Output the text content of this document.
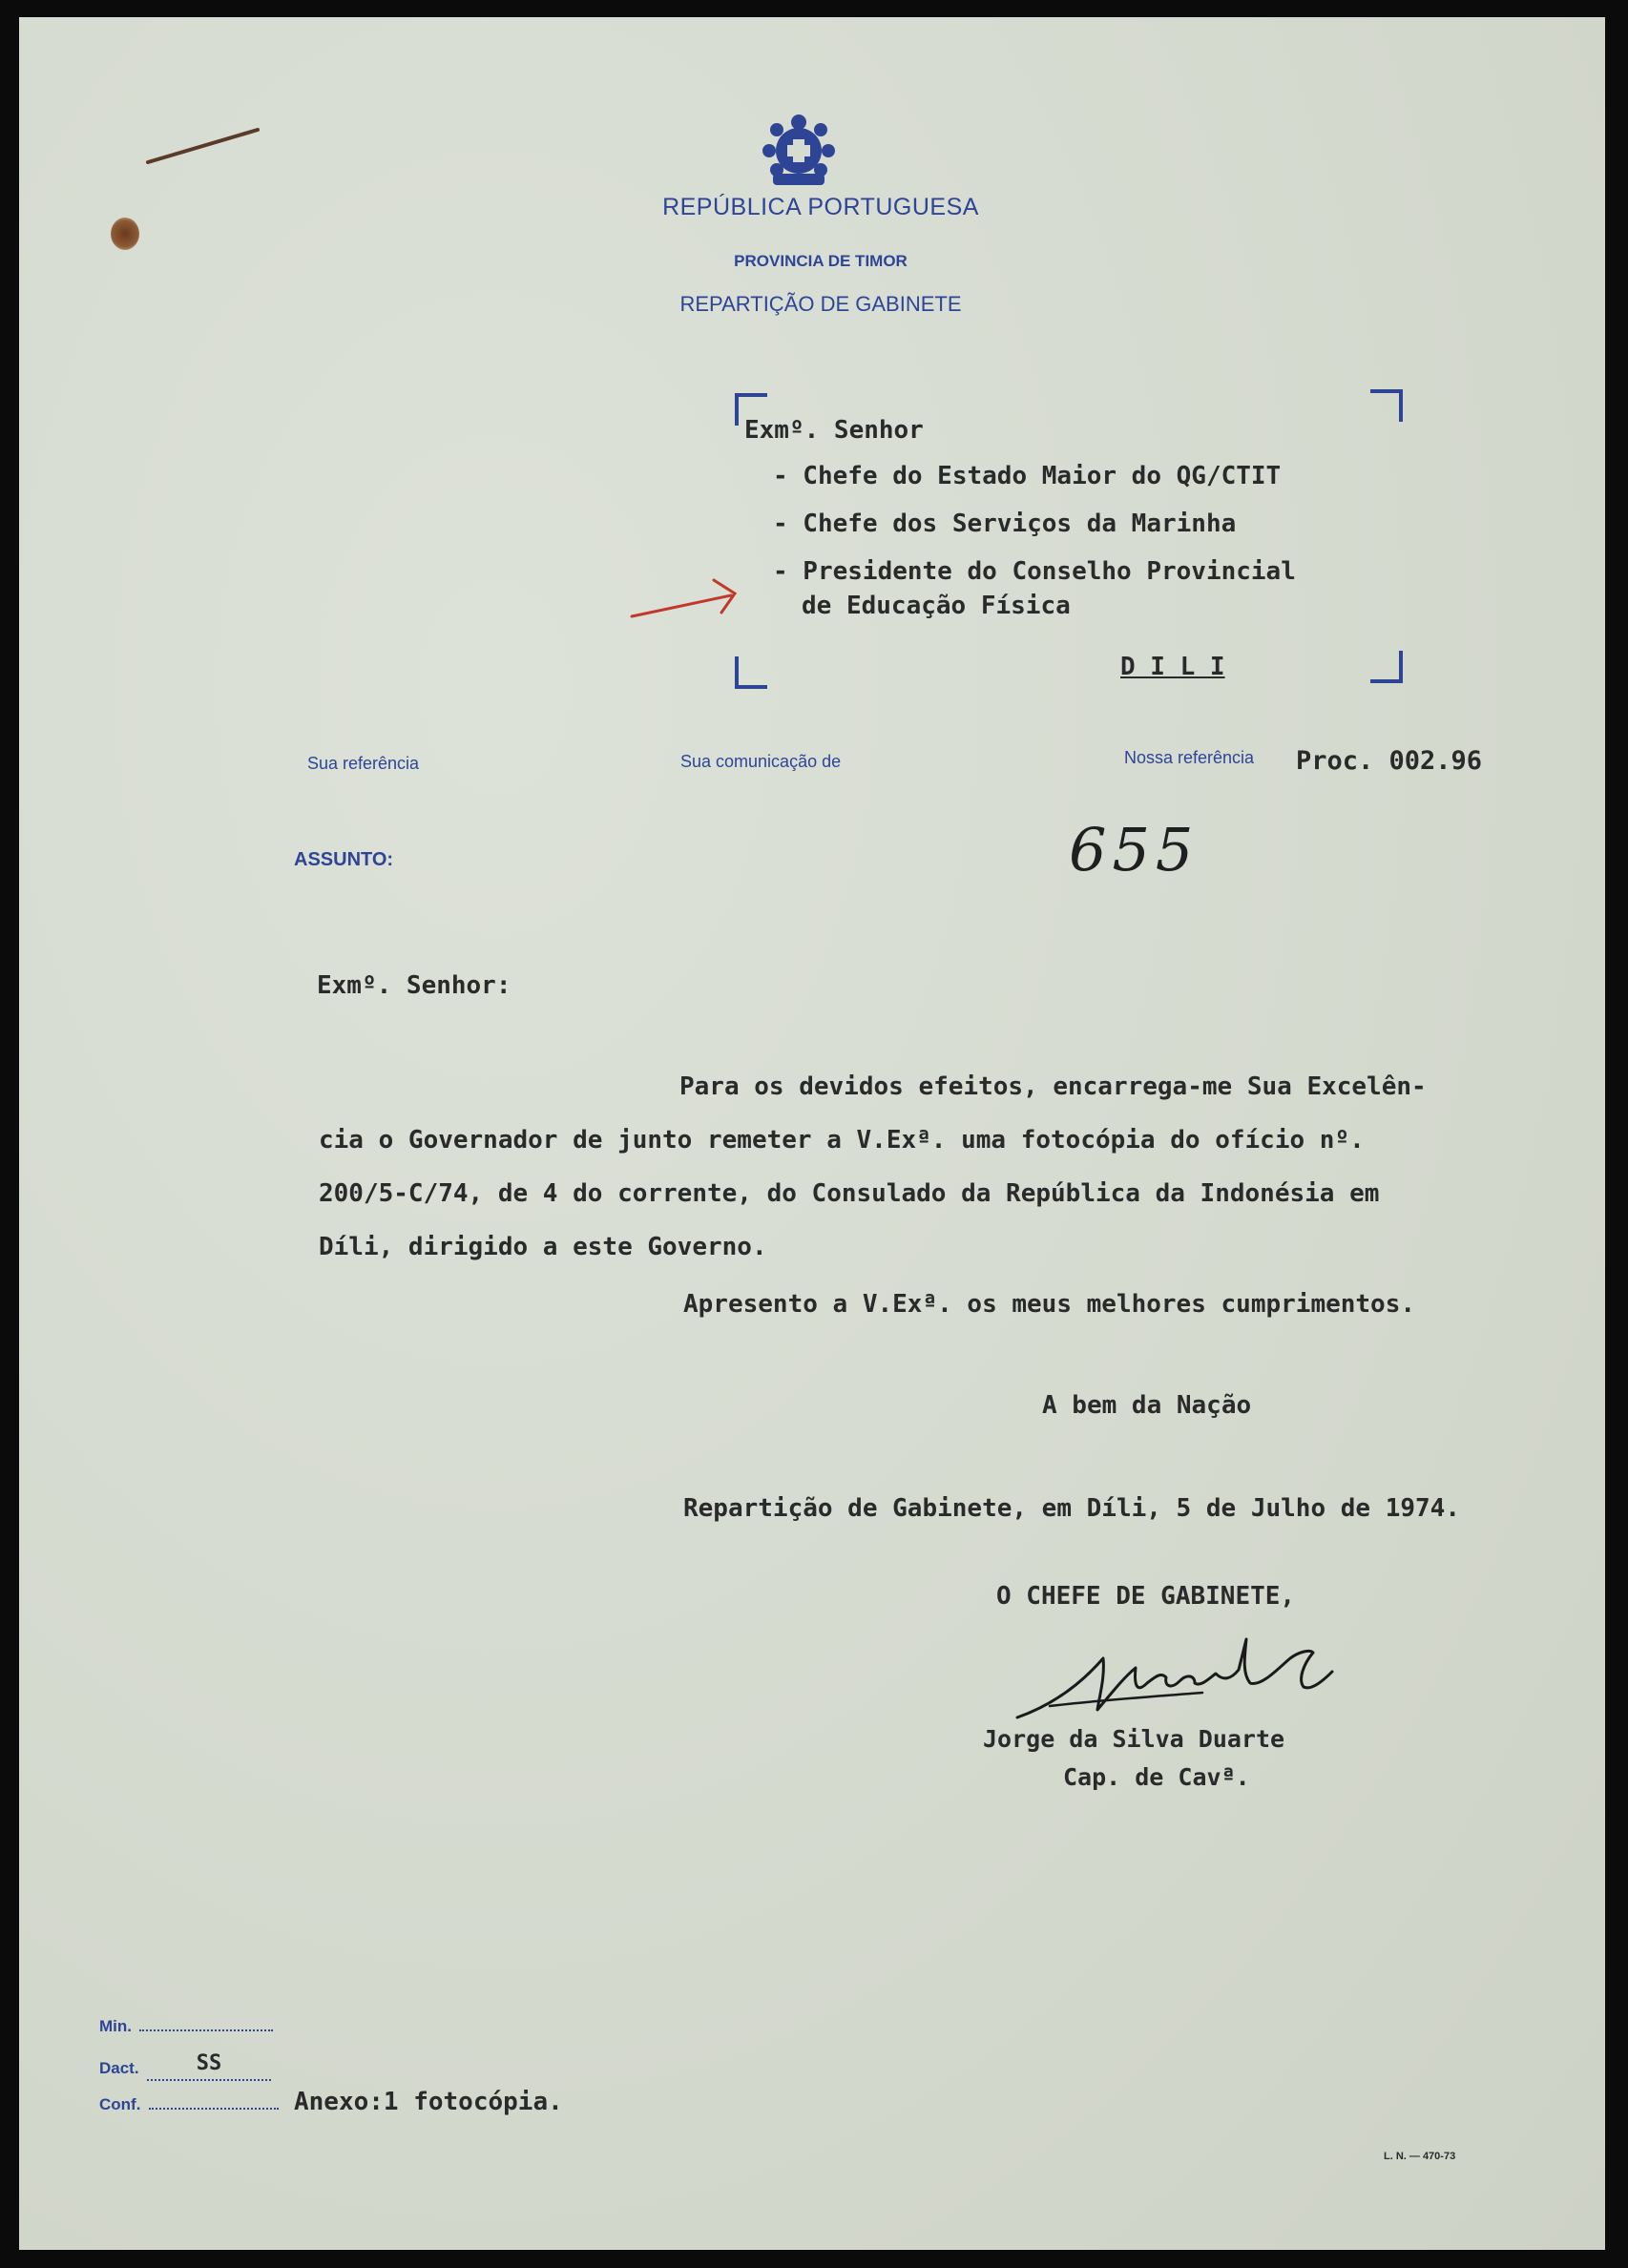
REPÚBLICA PORTUGUESA
PROVINCIA DE TIMOR
REPARTIÇÃO DE GABINETE
Exmº. Senhor
- Chefe do Estado Maior do QG/CTIT
- Chefe dos Serviços da Marinha
- Presidente do Conselho Provincial
de Educação Física
D I L I
Sua referência	Sua comunicação de	Nossa referência Proc. 002.96
ASSUNTO:	655
Exmº. Senhor:
Para os devidos efeitos, encarrega-me Sua Excelên-
cia o Governador de junto remeter a V.Exª. uma fotocópia do ofício nº.
200/5-C/74, de 4 do corrente, do Consulado da República da Indonésia em
Díli, dirigido a este Governo.
Apresento a V.Exª. os meus melhores cumprimentos.
A bem da Nação
Repartição de Gabinete, em Díli, 5 de Julho de 1974.
O CHEFE DE GABINETE,
Jorge da Silva Duarte
Cap. de Cavª.
Min.
Dact.	SS
Conf.	Anexo:1 fotocópia.
L. N. — 470-73
